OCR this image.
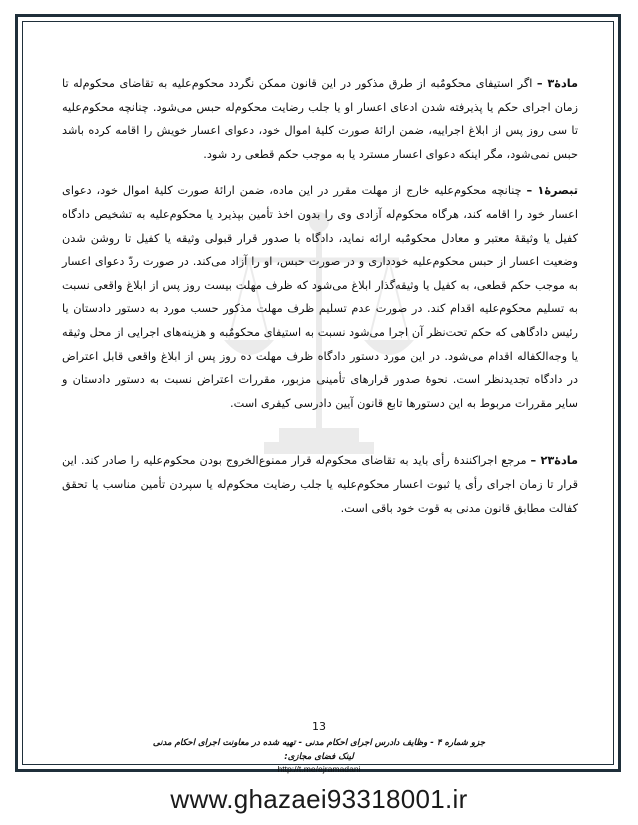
مادهٔ۳ – اگر استیفای محکومٌبه از طرق مذکور در این قانون ممکن نگردد محکوم‌علیه به تقاضای محکوم‌له تا زمان اجرای حکم یا پذیرفته شدن ادعای اعسار او یا جلب رضایت محکوم‌له حبس می‌شود. چنانچه محکوم‌علیه تا سی روز پس از ابلاغ اجراییه، ضمن ارائهٔ صورت کلیهٔ اموال خود، دعوای اعسار خویش را اقامه کرده باشد حبس نمی‌شود، مگر اینکه دعوای اعسار مسترد یا به موجب حکم قطعی رد شود.

تبصرهٔ۱ – چنانچه محکوم‌علیه خارج از مهلت مقرر در این ماده، ضمن ارائهٔ صورت کلیهٔ اموال خود، دعوای اعسار خود را اقامه کند، هرگاه محکوم‌له آزادی وی را بدون اخذ تأمین بپذیرد یا محکوم‌علیه به تشخیص دادگاه کفیل یا وثیقهٔ معتبر و معادل محکومٌبه ارائه نماید، دادگاه با صدور قرار قبولی وثیقه یا کفیل تا روشن شدن وضعیت اعسار از حبس محکوم‌علیه خودداری و در صورت حبس، او را آزاد می‌کند. در صورت ردّ دعوای اعسار به موجب حکم قطعی، به کفیل یا وثیقه‌گذار ابلاغ می‌شود که ظرف مهلت بیست روز پس از ابلاغ واقعی نسبت به تسلیم محکوم‌علیه اقدام کند. در صورت عدم تسلیم ظرف مهلت مذکور حسب مورد به دستور دادستان یا رئیس دادگاهی که حکم تحت‌نظر آن اجرا می‌شود نسبت به استیفای محکومٌبه و هزینه‌های اجرایی از محل وثیقه یا وجه‌الکفاله اقدام می‌شود. در این مورد دستور دادگاه ظرف مهلت ده روز پس از ابلاغ واقعی قابل اعتراض در دادگاه تجدیدنظر است. نحوهٔ صدور قرارهای تأمینی مزبور، مقررات اعتراض نسبت به دستور دادستان و سایر مقررات مربوط به این دستورها تابع قانون آیین دادرسی کیفری است.

مادهٔ۲۳ – مرجع اجراکنندهٔ رأی باید به تقاضای محکوم‌له قرار ممنوع‌الخروج بودن محکوم‌علیه را صادر کند. این قرار تا زمان اجرای رأی یا ثبوت اعسار محکوم‌علیه یا جلب رضایت محکوم‌له یا سپردن تأمین مناسب یا تحقق کفالت مطابق قانون مدنی به قوت خود باقی است.

13
جزو شماره ۴ - وظایف دادرس اجرای احکام مدنی - تهیه شده در معاونت اجرای احکام مدنی
لینک فضای مجازی:
http://t.me/ejramadani
www.ghazaei93318001.ir
